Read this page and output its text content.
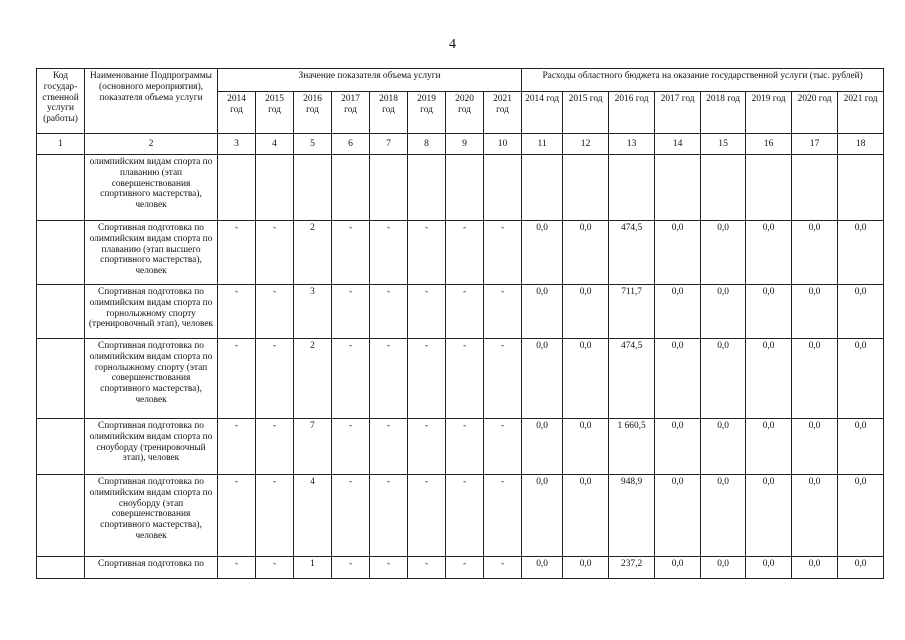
4
Код государ-ственной услуги (работы)	Наименование Подпрограммы (основного мероприятия), показателя объема услуги	Значение показателя объема услуги								Расходы областного бюджета на оказание государственной услуги (тыс. рублей)							
		2014 год	2015 год	2016 год	2017 год	2018 год	2019 год	2020 год	2021 год	2014 год	2015 год	2016 год	2017 год	2018 год	2019 год	2020 год	2021 год
1	2	3	4	5	6	7	8	9	10	11	12	13	14	15	16	17	18
	олимпийским видам спорта по плаванию (этап совершенствования спортивного мастерства), человек																
	Спортивная подготовка по олимпийским видам спорта по плаванию (этап высшего спортивного мастерства), человек	-	-	2	-	-	-	-	-	0,0	0,0	474,5	0,0	0,0	0,0	0,0	0,0
	Спортивная подготовка по олимпийским видам спорта по горнолыжному спорту (тренировочный этап), человек	-	-	3	-	-	-	-	-	0,0	0,0	711,7	0,0	0,0	0,0	0,0	0,0
	Спортивная подготовка по олимпийским видам спорта по горнолыжному спорту (этап совершенствования спортивного мастерства), человек	-	-	2	-	-	-	-	-	0,0	0,0	474,5	0,0	0,0	0,0	0,0	0,0
	Спортивная подготовка по олимпийским видам спорта по сноуборду (тренировочный этап), человек	-	-	7	-	-	-	-	-	0,0	0,0	1 660,5	0,0	0,0	0,0	0,0	0,0
	Спортивная подготовка по олимпийским видам спорта по сноуборду (этап совершенствования спортивного мастерства), человек	-	-	4	-	-	-	-	-	0,0	0,0	948,9	0,0	0,0	0,0	0,0	0,0
	Спортивная подготовка по	-	-	1	-	-	-	-	-	0,0	0,0	237,2	0,0	0,0	0,0	0,0	0,0
